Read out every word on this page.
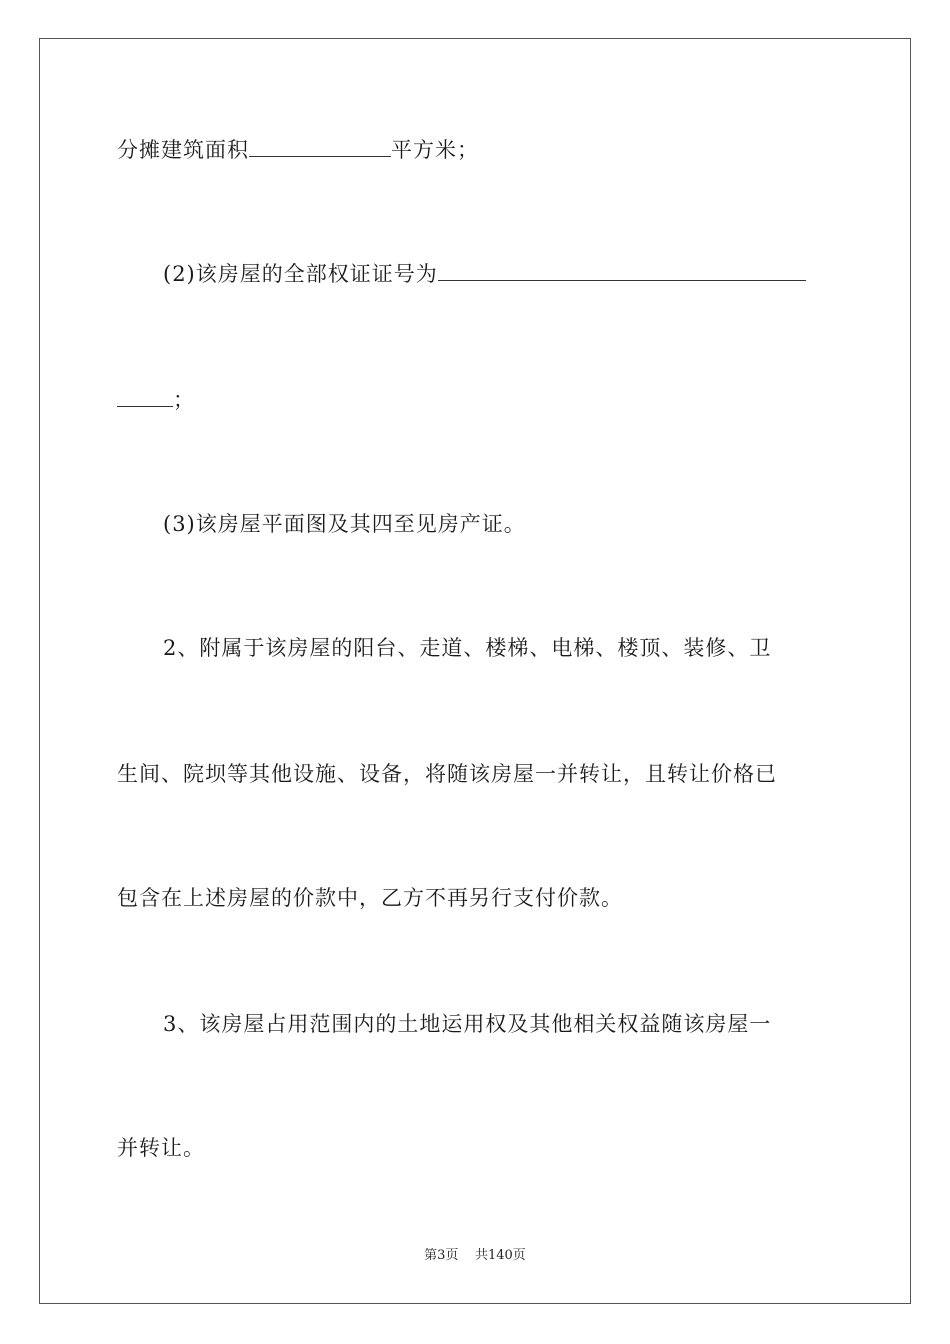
分摊建筑面积	平方米；
(2)该房屋的全部权证证号为
；
(3)该房屋平面图及其四至见房产证。
2、附属于该房屋的阳台、走道、楼梯、电梯、楼顶、装修、卫
生间、院坝等其他设施、设备，将随该房屋一并转让，且转让价格已
包含在上述房屋的价款中，乙方不再另行支付价款。
3、该房屋占用范围内的土地运用权及其他相关权益随该房屋一
并转让。
第3页 共140页
